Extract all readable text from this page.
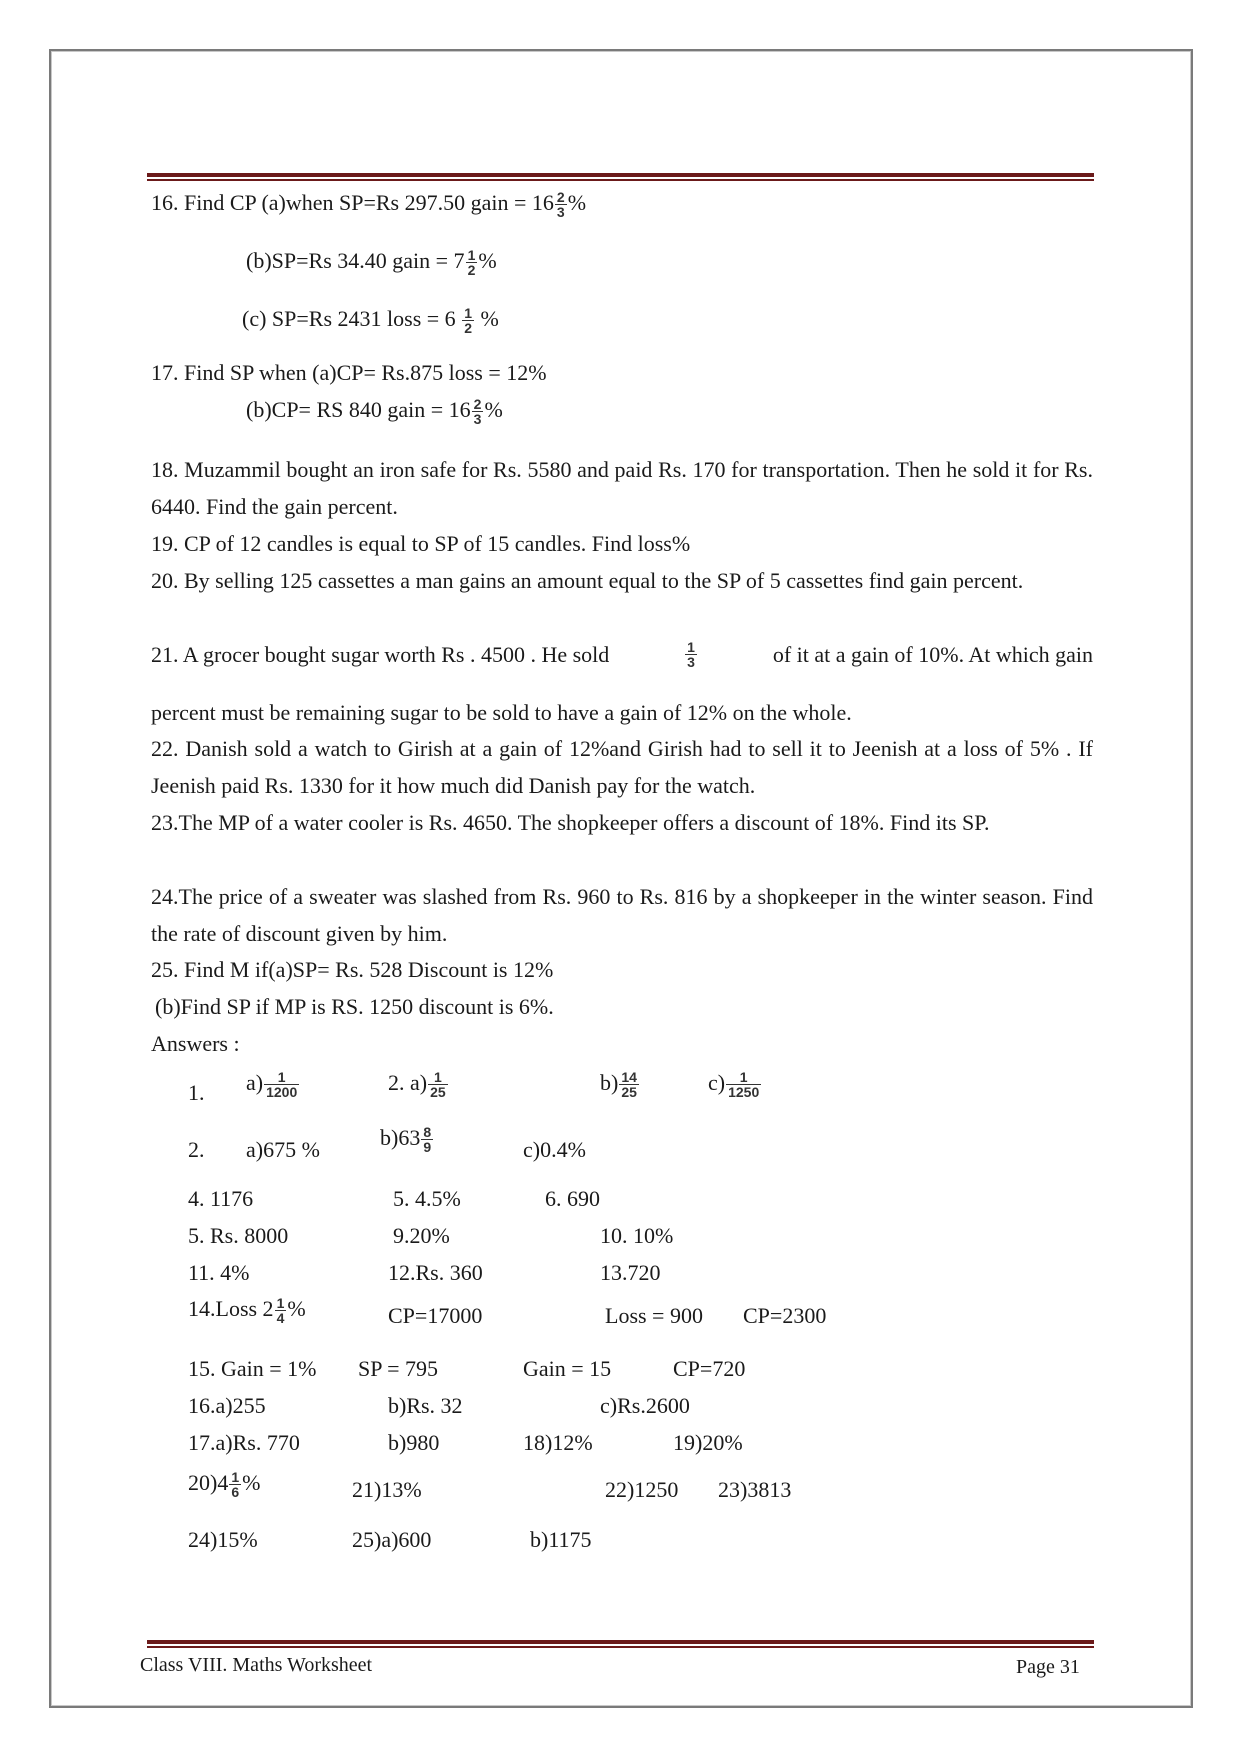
16. Find CP (a)when SP=Rs 297.50 gain = $16 \frac{2}{3}$ %
(b)SP=Rs 34.40 gain = $7 \frac{1}{2}$ %
(c) SP=Rs 2431 loss = $6 \frac{1}{2}$ %
17. Find SP when (a)CP= Rs.875 loss = 12%
(b)CP= RS 840 gain = $16 \frac{2}{3}$ %
18. Muzammil bought an iron safe for Rs. 5580 and paid Rs. 170 for transportation. Then he sold it for Rs. 6440. Find the gain percent.
19. CP of 12 candles is equal to SP of 15 candles. Find loss%
20. By selling 125 cassettes a man gains an amount equal to the SP of 5 cassettes find gain percent.
21. A grocer bought sugar worth Rs . 4500 . He sold	$\frac{1}{3}$	of it at a gain of 10%. At which gain
percent must be remaining sugar to be sold to have a gain of 12% on the whole.
22. Danish sold a watch to Girish at a gain of 12%and Girish had to sell it to Jeenish at a loss of 5% . If Jeenish paid Rs. 1330 for it how much did Danish pay for the watch.
23.The MP of a water cooler is Rs. 4650. The shopkeeper offers a discount of 18%. Find its SP.
24.The price of a sweater was slashed from Rs. 960 to Rs. 816 by a shopkeeper in the winter season. Find the rate of discount given by him.
25. Find M if(a)SP= Rs. 528 Discount is 12%
(b)Find SP if MP is RS. 1250 discount is 6%.
Answers :
1. $a) \frac{1}{1200}$	2. $a) \frac{1}{25}$	$b) \frac{14}{25}$	$c) \frac{1}{1250}$
2. a)675 %	$b)63 \frac{8}{9}$	c)0.4%
4. 1176	5. 4.5%	6. 690
5. Rs. 8000	9.20%	10. 10%
11. 4%	12.Rs. 360	13.720
14.Loss $2 \frac{1}{4}$ %	CP=17000	Loss = 900 CP=2300
15. Gain = 1% SP = 795	Gain = 15	CP=720
16.a)255	b)Rs. 32	c)Rs.2600
17.a)Rs. 770	b)980	18)12%	19)20%
$20)4 \frac{1}{6}$ %	21)13%	22)1250 23)3813
24)15%	25)a)600	b)1175
Class VIII. Maths Worksheet	Page 31
